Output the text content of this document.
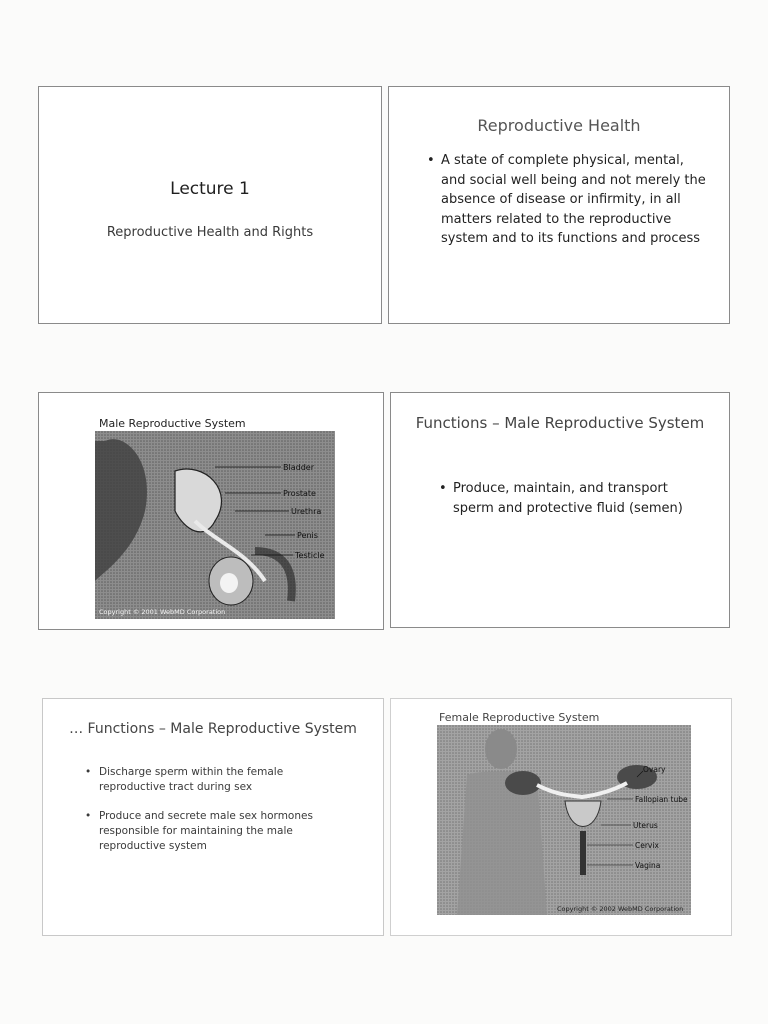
Lecture 1
Reproductive Health and Rights
Reproductive Health
• A state of complete physical, mental, and social well being and not merely the absence of disease or infirmity, in all matters related to the reproductive system and to its functions and process
Male Reproductive System
Bladder
Prostate
Urethra
Penis
Testicle
Copyright © 2001 WebMD Corporation
Functions – Male Reproductive System
• Produce, maintain, and transport sperm and protective fluid (semen)
… Functions – Male Reproductive System
• Discharge sperm within the female reproductive tract during sex
• Produce and secrete male sex hormones responsible for maintaining the male reproductive system
Female Reproductive System
Ovary
Fallopian tube
Uterus
Cervix
Vagina
Copyright © 2002 WebMD Corporation
